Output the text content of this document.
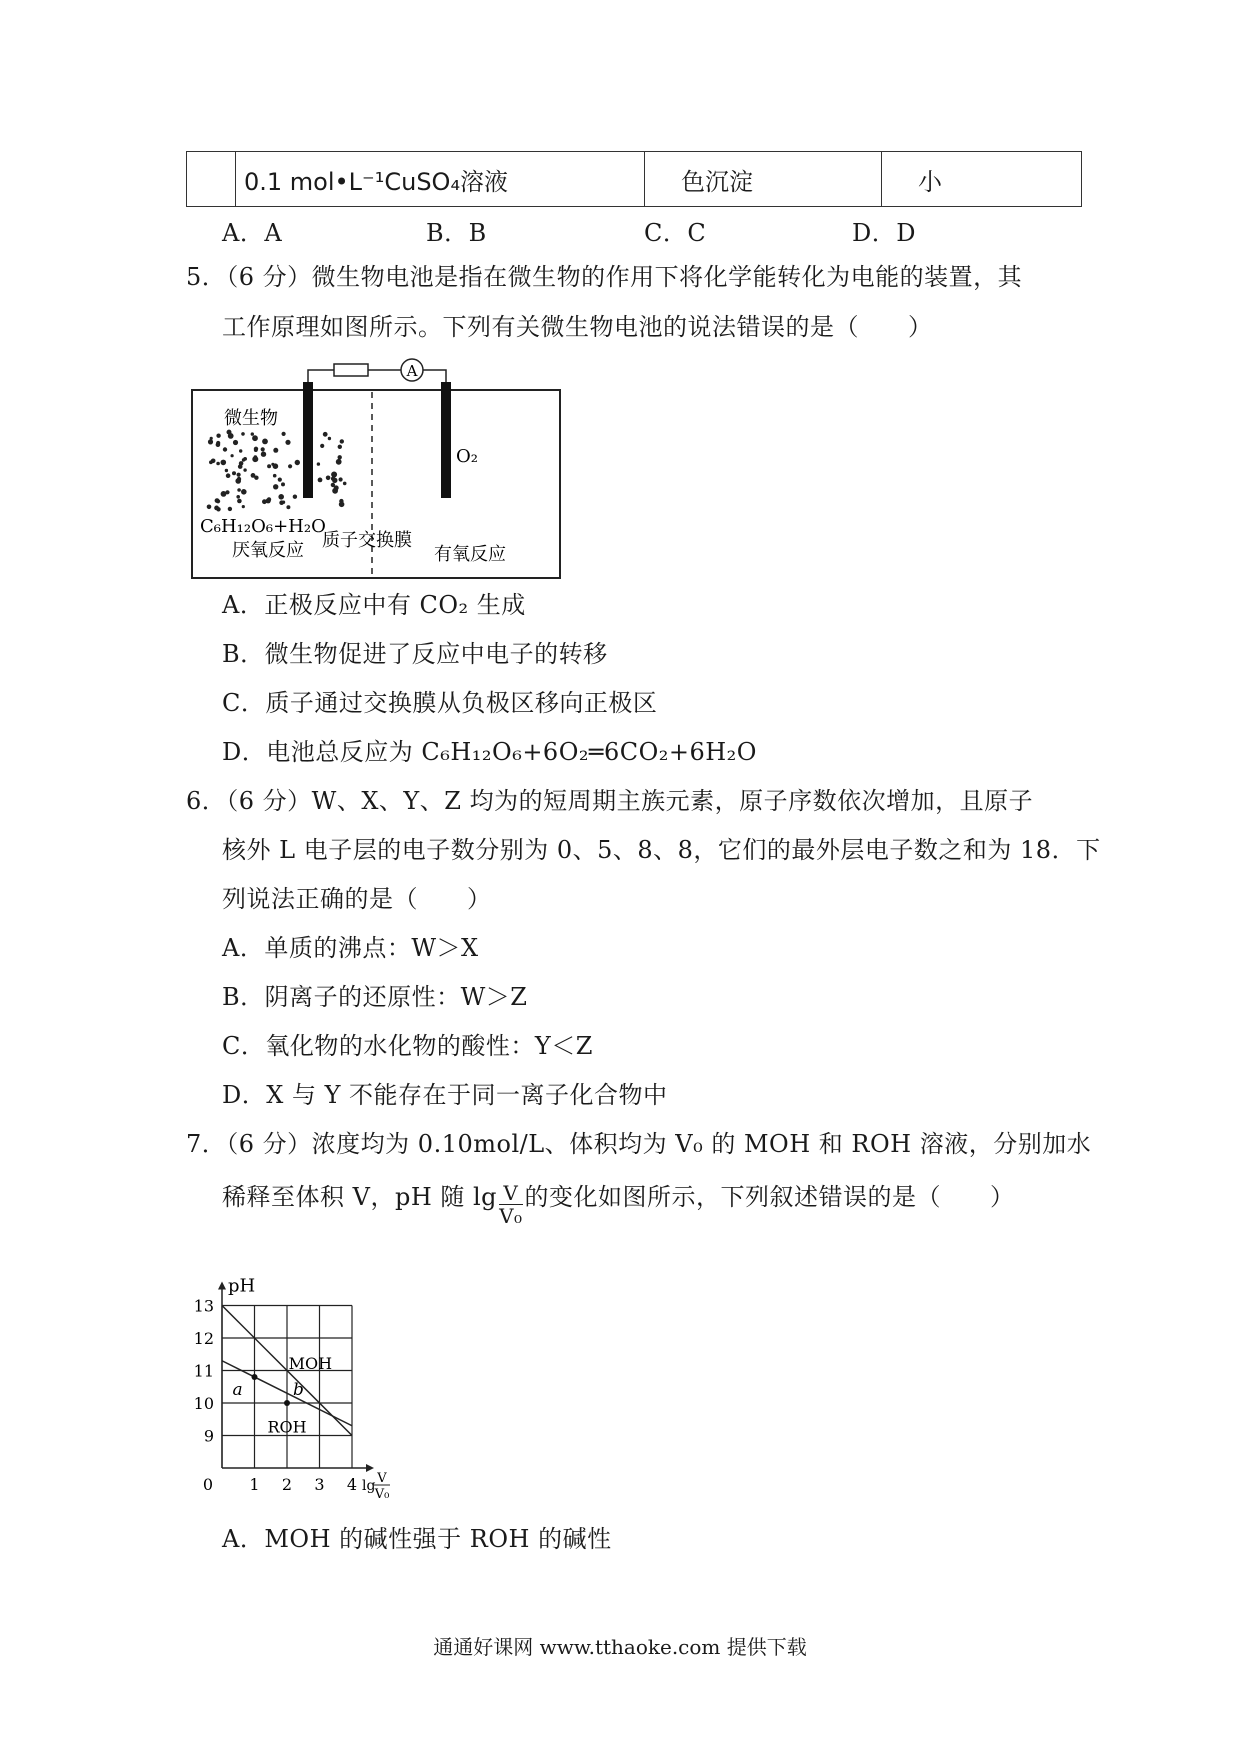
	0.1 mol•L⁻¹CuSO₄溶液	色沉淀	小
A．A	B．B	C．C	D．D
5．（6 分）微生物电池是指在微生物的作用下将化学能转化为电能的装置，其
工作原理如图所示。下列有关微生物电池的说法错误的是（　　）
A
微生物
O₂
C₆H₁₂O₆+H₂O
厌氧反应 质子交换膜
有氧反应
A．正极反应中有 CO₂ 生成
B．微生物促进了反应中电子的转移
C．质子通过交换膜从负极区移向正极区
D．电池总反应为 C₆H₁₂O₆+6O₂═6CO₂+6H₂O
6．（6 分）W、X、Y、Z 均为的短周期主族元素，原子序数依次增加，且原子
核外 L 电子层的电子数分别为 0、5、8、8，它们的最外层电子数之和为 18．下
列说法正确的是（　　）
A．单质的沸点：W＞X
B．阴离子的还原性：W＞Z
C．氧化物的水化物的酸性：Y＜Z
D．X 与 Y 不能存在于同一离子化合物中
7．（6 分）浓度均为 0.10mol/L、体积均为 V₀ 的 MOH 和 ROH 溶液，分别加水
稀释至体积 V，pH 随 $\lg \frac{V}{\text{V₀}}$ 的变化如图所示，下列叙述错误的是（　　）
pH
lg V
V₀
0 1 2 3 4
9
10
11
12
13
MOH
ROH
a	b
A．MOH 的碱性强于 ROH 的碱性
通通好课网 www.tthaoke.com 提供下载
